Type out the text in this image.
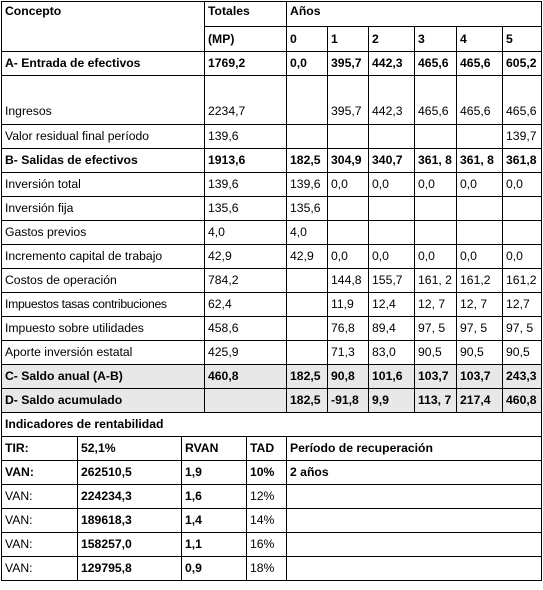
Concepto			Totales		Años					
			(MP)		0	1	2	3	4	5
A- Entrada de efectivos			1769,2		0,0	395,7	442,3	465,6	465,6	605,2
Ingresos			2234,7			395,7	442,3	465,6	465,6	465,6
Valor residual final período			139,6							139,7
B- Salidas de efectivos			1913,6		182,5	304,9	340,7	361, 8	361, 8	361,8
Inversión total			139,6		139,6	0,0	0,0	0,0	0,0	0,0
Inversión fija			135,6		135,6					
Gastos previos			4,0		4,0					
Incremento capital de trabajo			42,9		42,9	0,0	0,0	0,0	0,0	0,0
Costos de operación			784,2			144,8	155,7	161, 2	161,2	161,2
Impuestos tasas contribuciones			62,4			11,9	12,4	12, 7	12, 7	12,7
Impuesto sobre utilidades			458,6			76,8	89,4	97, 5	97, 5	97, 5
Aporte inversión estatal			425,9			71,3	83,0	90,5	90,5	90,5
C- Saldo anual (A-B)			460,8		182,5	90,8	101,6	103,7	103,7	243,3
D- Saldo acumulado					182,5	-91,8	9,9	113, 7	217,4	460,8
Indicadores de rentabilidad										
TIR:	52,1%	RVAN		TAD	Período de recuperación					
VAN:	262510,5	1,9		10%	2 años					
VAN:	224234,3	1,6		12%						
VAN:	189618,3	1,4		14%						
VAN:	158257,0	1,1		16%						
VAN:	129795,8	0,9		18%						
